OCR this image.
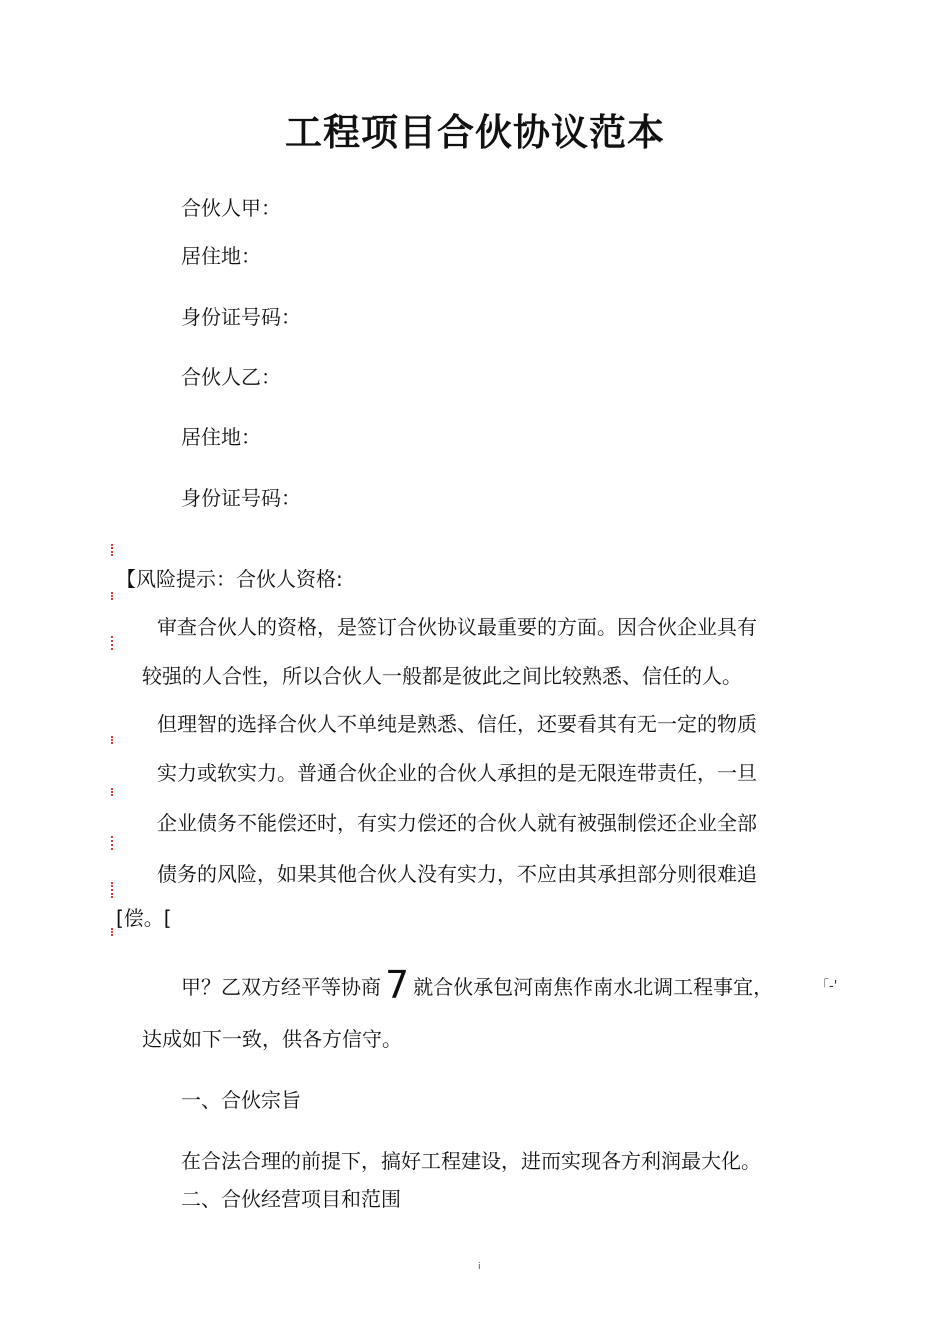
工程项目合伙协议范本
合伙人甲：
居住地：
身份证号码：
合伙人乙：
居住地：
身份证号码：
【风险提示：合伙人资格:
审查合伙人的资格，是签订合伙协议最重要的方面。因合伙企业具有
较强的人合性，所以合伙人一般都是彼此之间比较熟悉、信任的人。
但理智的选择合伙人不单纯是熟悉、信任，还要看其有无一定的物质
实力或软实力。普通合伙企业的合伙人承担的是无限连带责任，一旦
企业债务不能偿还时，有实力偿还的合伙人就有被强制偿还企业全部
债务的风险，如果其他合伙人没有实力，不应由其承担部分则很难追
[偿。[
甲？乙双方经平等协商 7 就合伙承包河南焦作南水北调工程事宜，	「-'
达成如下一致，供各方信守。
一、合伙宗旨
在合法合理的前提下，搞好工程建设，进而实现各方利润最大化。
二、合伙经营项目和范围
i
